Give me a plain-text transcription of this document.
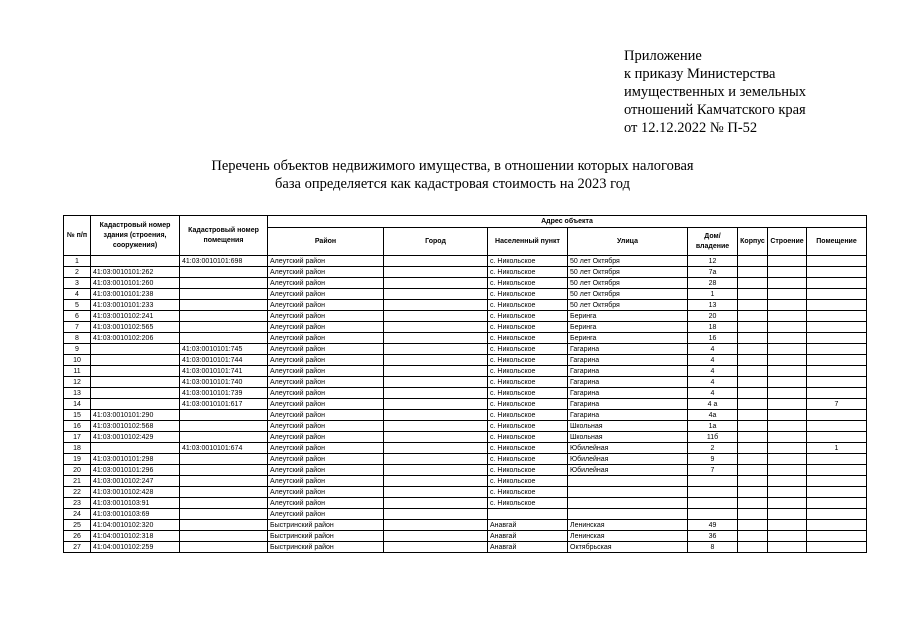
Приложение
к приказу Министерства
имущественных и земельных
отношений Камчатского края
от 12.12.2022 № П-52
Перечень объектов недвижимого имущества, в отношении которых налоговая
база определяется как кадастровая стоимость на 2023 год
№ п/п	Кадастровый номер здания (строения, сооружения)	Кадастровый номер помещения	Адрес объекта							
			Район	Город	Населенный пункт	Улица	Дом/владение	Корпус	Строение	Помещение
1		41:03:0010101:698	Алеутский район		с. Никольское	50 лет Октября	12			
2	41:03:0010101:262		Алеутский район		с. Никольское	50 лет Октября	7а			
3	41:03:0010101:260		Алеутский район		с. Никольское	50 лет Октября	28			
4	41:03:0010101:238		Алеутский район		с. Никольское	50 лет Октября	1			
5	41:03:0010101:233		Алеутский район		с. Никольское	50 лет Октября	13			
6	41:03:0010102:241		Алеутский район		с. Никольское	Беринга	20			
7	41:03:0010102:565		Алеутский район		с. Никольское	Беринга	18			
8	41:03:0010102:206		Алеутский район		с. Никольское	Беринга	16			
9		41:03:0010101:745	Алеутский район		с. Никольское	Гагарина	4			
10		41:03:0010101:744	Алеутский район		с. Никольское	Гагарина	4			
11		41:03:0010101:741	Алеутский район		с. Никольское	Гагарина	4			
12		41:03:0010101:740	Алеутский район		с. Никольское	Гагарина	4			
13		41:03:0010101:739	Алеутский район		с. Никольское	Гагарина	4			
14		41:03:0010101:617	Алеутский район		с. Никольское	Гагарина	4 а			7
15	41:03:0010101:290		Алеутский район		с. Никольское	Гагарина	4а			
16	41:03:0010102:568		Алеутский район		с. Никольское	Школьная	1а			
17	41:03:0010102:429		Алеутский район		с. Никольское	Школьная	11б			
18		41:03:0010101:674	Алеутский район		с. Никольское	Юбилейная	2			1
19	41:03:0010101:298		Алеутский район		с. Никольское	Юбилейная	9			
20	41:03:0010101:296		Алеутский район		с. Никольское	Юбилейная	7			
21	41:03:0010102:247		Алеутский район		с. Никольское					
22	41:03:0010102:428		Алеутский район		с. Никольское					
23	41:03:0010103:91		Алеутский район		с. Никольское					
24	41:03:0010103:69		Алеутский район							
25	41:04:0010102:320		Быстринский район		Анавгай	Ленинская	49			
26	41:04:0010102:318		Быстринский район		Анавгай	Ленинская	36			
27	41:04:0010102:259		Быстринский район		Анавгай	Октябрьская	8			
